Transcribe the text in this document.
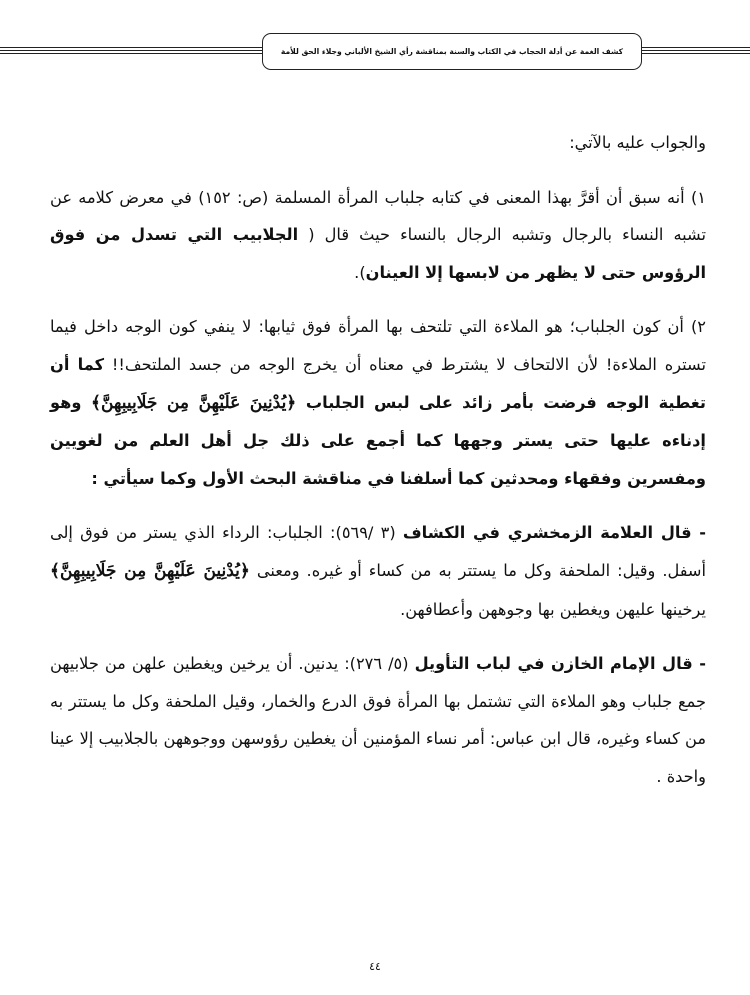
كشف الغمة عن أدلة الحجاب في الكتاب والسنة بمناقشة رأي الشيخ الألباني وجلاء الحق للأمة

والجواب عليه بالآتي:

١) أنه سبق أن أقرَّ بهذا المعنى في كتابه جلباب المرأة المسلمة (ص: ١٥٢) في معرض كلامه عن تشبه النساء بالرجال وتشبه الرجال بالنساء حيث قال ( الجلابيب التي تسدل من فوق الرؤوس حتى لا يظهر من لابسها إلا العينان).

٢) أن كون الجلباب؛ هو الملاءة التي تلتحف بها المرأة فوق ثيابها: لا ينفي كون الوجه داخل فيما تستره الملاءة! لأن الالتحاف لا يشترط في معناه أن يخرج الوجه من جسد الملتحف!! كما أن تغطية الوجه فرضت بأمر زائد على لبس الجلباب ﴿يُدْنِينَ عَلَيْهِنَّ مِن جَلَابِيبِهِنَّ﴾ وهو إدناءه عليها حتى يستر وجهها كما أجمع على ذلك جل أهل العلم من لغويين ومفسرين وفقهاء ومحدثين كما أسلفنا في مناقشة البحث الأول وكما سيأتي :

- قال العلامة الزمخشري في الكشاف (٣ /٥٦٩): الجلباب: الرداء الذي يستر من فوق إلى أسفل. وقيل: الملحفة وكل ما يستتر به من كساء أو غيره. ومعنى ﴿يُدْنِينَ عَلَيْهِنَّ مِن جَلَابِيبِهِنَّ﴾ يرخينها عليهن ويغطين بها وجوههن وأعطافهن.

- قال الإمام الخازن في لباب التأويل (٥/ ٢٧٦): يدنين. أن يرخين ويغطين علهن من جلابيهن جمع جلباب وهو الملاءة التي تشتمل بها المرأة فوق الدرع والخمار، وقيل الملحفة وكل ما يستتر به من كساء وغيره، قال ابن عباس: أمر نساء المؤمنين أن يغطين رؤوسهن ووجوههن بالجلابيب إلا عينا واحدة .

٤٤
